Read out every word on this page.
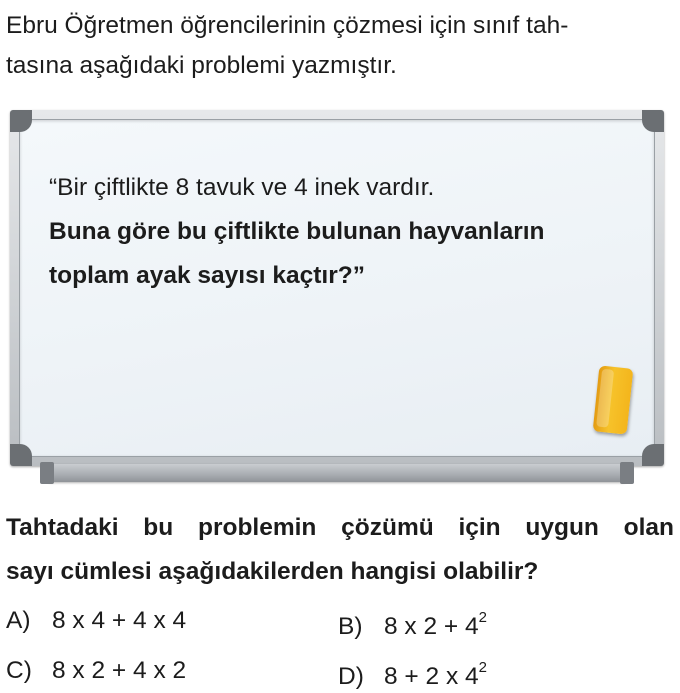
Ebru Öğretmen öğrencilerinin çözmesi için sınıf tah-
tasına aşağıdaki problemi yazmıştır.
“Bir çiftlikte 8 tavuk ve 4 inek vardır.
Buna göre bu çiftlikte bulunan hayvanların
toplam ayak sayısı kaçtır?”
Tahtadaki bu problemin çözümü için uygun olan
sayı cümlesi aşağıdakilerden hangisi olabilir?
A) 8 x 4 + 4 x 4	B) 8 x $2 + 4^2$
C) 8 x 2 + 4 x 2	D) 8 + 2 x $4^2$
